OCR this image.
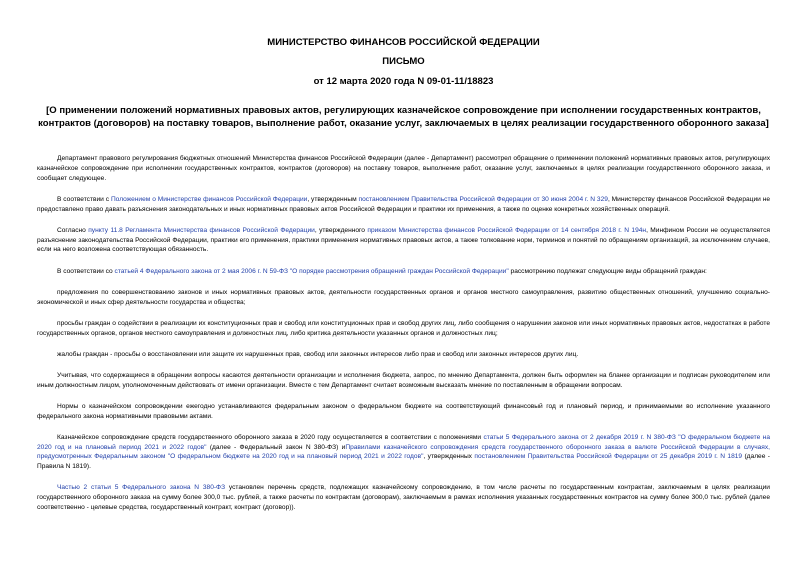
МИНИСТЕРСТВО ФИНАНСОВ РОССИЙСКОЙ ФЕДЕРАЦИИ
ПИСЬМО
от 12 марта 2020 года N 09-01-11/18823
[О применении положений нормативных правовых актов, регулирующих казначейское сопровождение при исполнении государственных контрактов, контрактов (договоров) на поставку товаров, выполнение работ, оказание услуг, заключаемых в целях реализации государственного оборонного заказа]

Департамент правового регулирования бюджетных отношений Министерства финансов Российской Федерации (далее - Департамент) рассмотрел обращение о применении положений нормативных правовых актов, регулирующих казначейское сопровождение при исполнении государственных контрактов, контрактов (договоров) на поставку товаров, выполнение работ, оказание услуг, заключаемых в целях реализации государственного оборонного заказа, и сообщает следующее.

В соответствии с Положением о Министерстве финансов Российской Федерации, утвержденным постановлением Правительства Российской Федерации от 30 июня 2004 г. N 329, Министерству финансов Российской Федерации не предоставлено право давать разъяснения законодательных и иных нормативных правовых актов Российской Федерации и практики их применения, а также по оценке конкретных хозяйственных операций.

Согласно пункту 11.8 Регламента Министерства финансов Российской Федерации, утвержденного приказом Министерства финансов Российской Федерации от 14 сентября 2018 г. N 194н, Минфином России не осуществляется разъяснение законодательства Российской Федерации, практики его применения, практики применения нормативных правовых актов, а также толкование норм, терминов и понятий по обращениям организаций, за исключением случаев, если на него возложена соответствующая обязанность.

В соответствии со статьей 4 Федерального закона от 2 мая 2006 г. N 59-ФЗ "О порядке рассмотрения обращений граждан Российской Федерации" рассмотрению подлежат следующие виды обращений граждан:

предложения по совершенствованию законов и иных нормативных правовых актов, деятельности государственных органов и органов местного самоуправления, развитию общественных отношений, улучшению социально-экономической и иных сфер деятельности государства и общества;

просьбы граждан о содействии в реализации их конституционных прав и свобод или конституционных прав и свобод других лиц, либо сообщения о нарушении законов или иных нормативных правовых актов, недостатках в работе государственных органов, органов местного самоуправления и должностных лиц, либо критика деятельности указанных органов и должностных лиц;

жалобы граждан - просьбы о восстановлении или защите их нарушенных прав, свобод или законных интересов либо прав и свобод или законных интересов других лиц.

Учитывая, что содержащиеся в обращении вопросы касаются деятельности организации и исполнения бюджета, запрос, по мнению Департамента, должен быть оформлен на бланке организации и подписан руководителем или иным должностным лицом, уполномоченным действовать от имени организации. Вместе с тем Департамент считает возможным высказать мнение по поставленным в обращении вопросам.

Нормы о казначейском сопровождении ежегодно устанавливаются федеральным законом о федеральном бюджете на соответствующий финансовый год и плановый период, и принимаемыми во исполнение указанного федерального закона нормативными правовыми актами.

Казначейское сопровождение средств государственного оборонного заказа в 2020 году осуществляется в соответствии с положениями статьи 5 Федерального закона от 2 декабря 2019 г. N 380-ФЗ "О федеральном бюджете на 2020 год и на плановый период 2021 и 2022 годов" (далее - Федеральный закон N 380-ФЗ) иПравилами казначейского сопровождения средств государственного оборонного заказа в валюте Российской Федерации в случаях, предусмотренных Федеральным законом "О федеральном бюджете на 2020 год и на плановый период 2021 и 2022 годов", утвержденных постановлением Правительства Российской Федерации от 25 декабря 2019 г. N 1819 (далее - Правила N 1819).

Частью 2 статьи 5 Федерального закона N 380-ФЗ установлен перечень средств, подлежащих казначейскому сопровождению, в том числе расчеты по государственным контрактам, заключаемым в целях реализации государственного оборонного заказа на сумму более 300,0 тыс. рублей, а также расчеты по контрактам (договорам), заключаемым в рамках исполнения указанных государственных контрактов на сумму более 300,0 тыс. рублей (далее соответственно - целевые средства, государственный контракт, контракт (договор)).
